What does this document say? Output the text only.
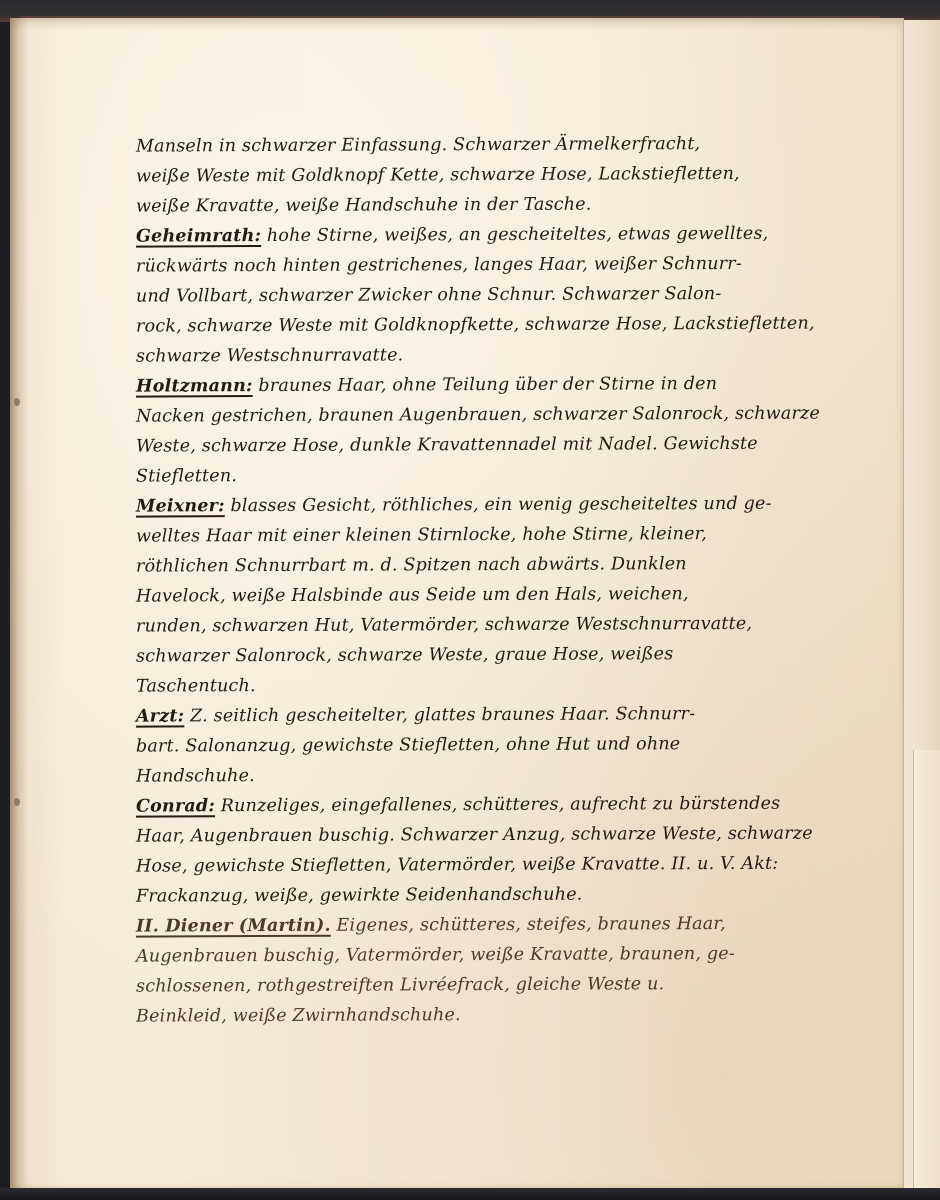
Manseln in schwarzer Einfassung. Schwarzer Ärmelkerfracht,
weiße Weste mit Goldknopf Kette, schwarze Hose, Lackstiefletten,
weiße Kravatte, weiße Handschuhe in der Tasche.
Geheimrath: hohe Stirne, weißes, an gescheiteltes, etwas gewelltes,
rückwärts noch hinten gestrichenes, langes Haar, weißer Schnurr-
und Vollbart, schwarzer Zwicker ohne Schnur. Schwarzer Salon-
rock, schwarze Weste mit Goldknopfkette, schwarze Hose, Lackstiefletten,
schwarze Westschnurravatte.
Holtzmann: braunes Haar, ohne Teilung über der Stirne in den
Nacken gestrichen, braunen Augenbrauen, schwarzer Salonrock, schwarze
Weste, schwarze Hose, dunkle Kravattennadel mit Nadel. Gewichste
Stiefletten.
Meixner: blasses Gesicht, röthliches, ein wenig gescheiteltes und ge-
welltes Haar mit einer kleinen Stirnlocke, hohe Stirne, kleiner,
röthlichen Schnurrbart m. d. Spitzen nach abwärts. Dunklen
Havelock, weiße Halsbinde aus Seide um den Hals, weichen,
runden, schwarzen Hut, Vatermörder, schwarze Westschnurravatte,
schwarzer Salonrock, schwarze Weste, graue Hose, weißes
Taschentuch.
Arzt: Z. seitlich gescheitelter, glattes braunes Haar. Schnurr-
bart. Salonanzug, gewichste Stiefletten, ohne Hut und ohne
Handschuhe.
Conrad: Runzeliges, eingefallenes, schütteres, aufrecht zu bürstendes
Haar, Augenbrauen buschig. Schwarzer Anzug, schwarze Weste, schwarze
Hose, gewichste Stiefletten, Vatermörder, weiße Kravatte. II. u. V. Akt:
Frackanzug, weiße, gewirkte Seidenhandschuhe.
II. Diener (Martin). Eigenes, schütteres, steifes, braunes Haar,
Augenbrauen buschig, Vatermörder, weiße Kravatte, braunen, ge-
schlossenen, rothgestreiften Livréefrack, gleiche Weste u.
Beinkleid, weiße Zwirnhandschuhe.
